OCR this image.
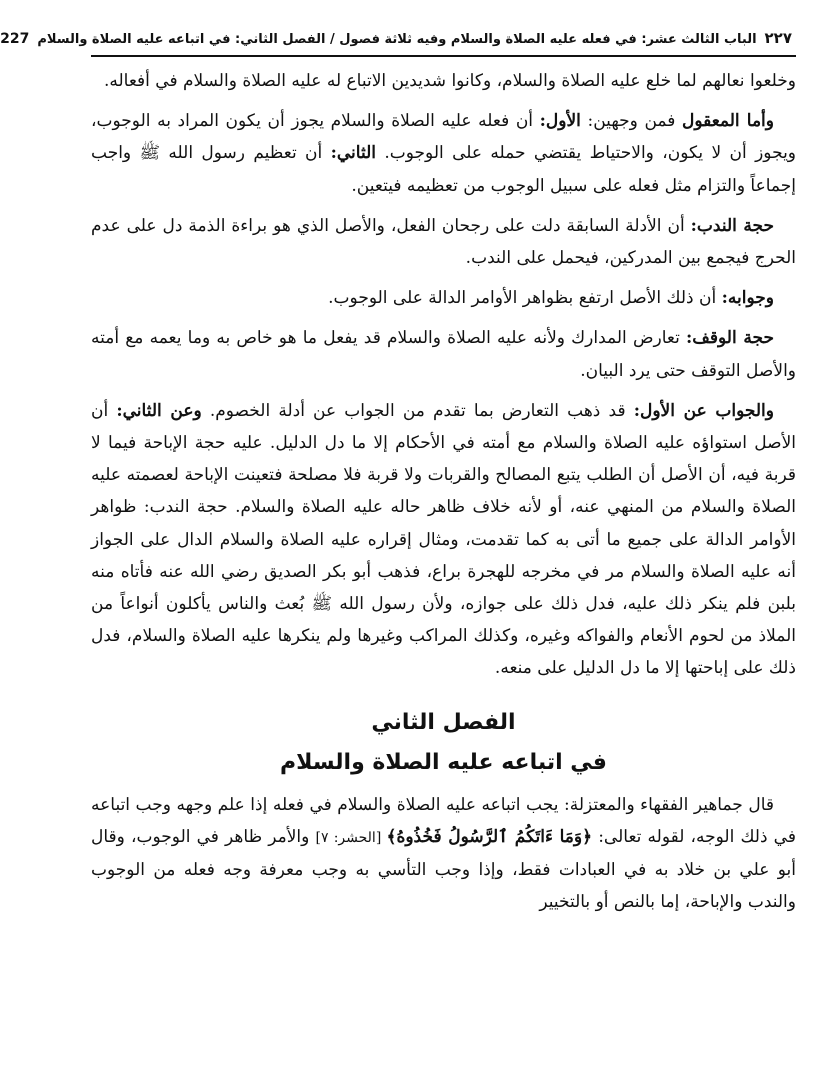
٢٢٧
الباب الثالث عشر: في فعله عليه الصلاة والسلام وفيه ثلاثة فصول / الفصل الثاني: في اتباعه عليه الصلاة والسلام
227

وخلعوا نعالهم لما خلع عليه الصلاة والسلام، وكانوا شديدين الاتباع له عليه الصلاة والسلام في أفعاله.

وأما المعقول فمن وجهين: الأول: أن فعله عليه الصلاة والسلام يجوز أن يكون المراد به الوجوب، ويجوز أن لا يكون، والاحتياط يقتضي حمله على الوجوب. الثاني: أن تعظيم رسول الله ﷺ واجب إجماعاً والتزام مثل فعله على سبيل الوجوب من تعظيمه فيتعين.

حجة الندب: أن الأدلة السابقة دلت على رجحان الفعل، والأصل الذي هو براءة الذمة دل على عدم الحرج فيجمع بين المدركين، فيحمل على الندب.

وجوابه: أن ذلك الأصل ارتفع بظواهر الأوامر الدالة على الوجوب.

حجة الوقف: تعارض المدارك ولأنه عليه الصلاة والسلام قد يفعل ما هو خاص به وما يعمه مع أمته والأصل التوقف حتى يرد البيان.

والجواب عن الأول: قد ذهب التعارض بما تقدم من الجواب عن أدلة الخصوم. وعن الثاني: أن الأصل استواؤه عليه الصلاة والسلام مع أمته في الأحكام إلا ما دل الدليل. عليه حجة الإباحة فيما لا قربة فيه، أن الأصل أن الطلب يتبع المصالح والقربات ولا قربة فلا مصلحة فتعينت الإباحة لعصمته عليه الصلاة والسلام من المنهي عنه، أو لأنه خلاف ظاهر حاله عليه الصلاة والسلام. حجة الندب: ظواهر الأوامر الدالة على جميع ما أتى به كما تقدمت، ومثال إقراره عليه الصلاة والسلام الدال على الجواز أنه عليه الصلاة والسلام مر في مخرجه للهجرة براع، فذهب أبو بكر الصديق رضي الله عنه فأتاه منه بلبن فلم ينكر ذلك عليه، فدل ذلك على جوازه، ولأن رسول الله ﷺ بُعث والناس يأكلون أنواعاً من الملاذ من لحوم الأنعام والفواكه وغيره، وكذلك المراكب وغيرها ولم ينكرها عليه الصلاة والسلام، فدل ذلك على إباحتها إلا ما دل الدليل على منعه.

الفصل الثاني
في اتباعه عليه الصلاة والسلام

قال جماهير الفقهاء والمعتزلة: يجب اتباعه عليه الصلاة والسلام في فعله إذا علم وجهه وجب اتباعه في ذلك الوجه، لقوله تعالى: ﴿وَمَا ءَاتَكُمُ ٱلرَّسُولُ فَخُذُوهُ﴾ [الحشر: ٧] والأمر ظاهر في الوجوب، وقال أبو علي بن خلاد به في العبادات فقط، وإذا وجب التأسي به وجب معرفة وجه فعله من الوجوب والندب والإباحة، إما بالنص أو بالتخيير
